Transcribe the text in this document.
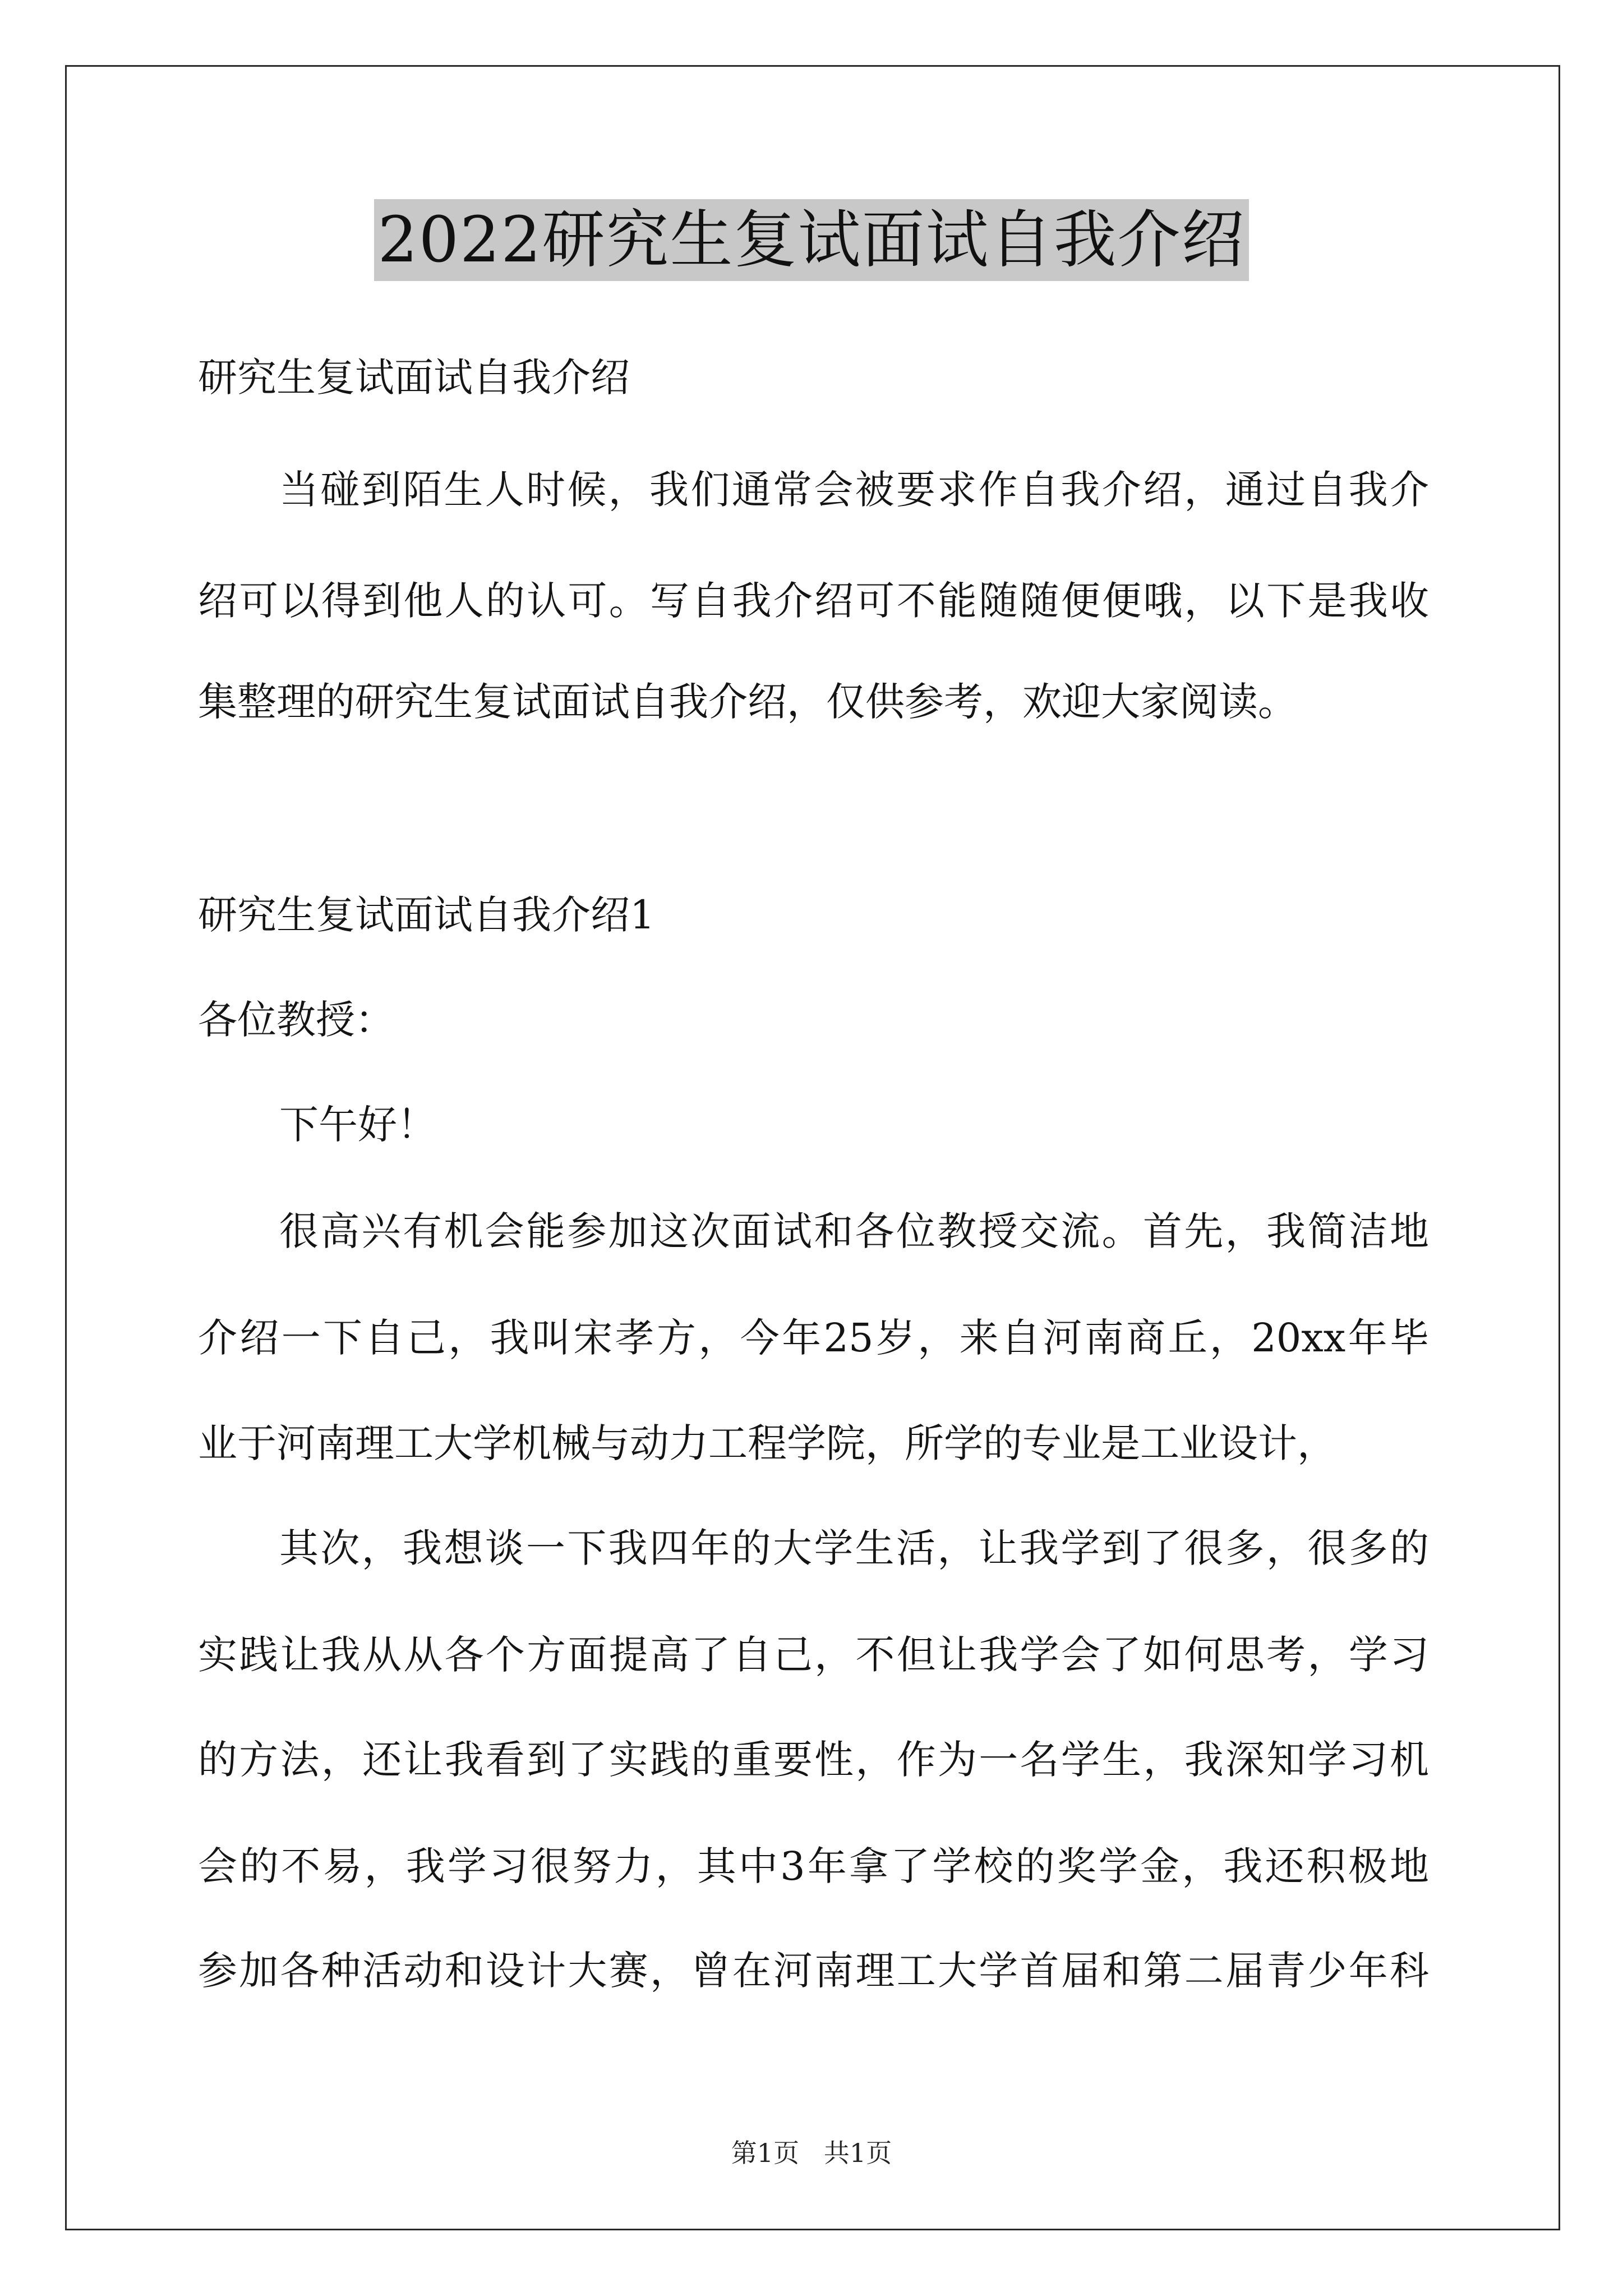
2022研究生复试面试自我介绍
研究生复试面试自我介绍
当碰到陌生人时候，我们通常会被要求作自我介绍，通过自我介
绍可以得到他人的认可。写自我介绍可不能随随便便哦，以下是我收
集整理的研究生复试面试自我介绍，仅供参考，欢迎大家阅读。
研究生复试面试自我介绍1
各位教授：
下午好！
很高兴有机会能参加这次面试和各位教授交流。首先，我简洁地
介绍一下自己，我叫宋孝方，今年25岁，来自河南商丘，20xx年毕
业于河南理工大学机械与动力工程学院，所学的专业是工业设计，
其次，我想谈一下我四年的大学生活，让我学到了很多，很多的
实践让我从从各个方面提高了自己，不但让我学会了如何思考，学习
的方法，还让我看到了实践的重要性，作为一名学生，我深知学习机
会的不易，我学习很努力，其中3年拿了学校的奖学金，我还积极地
参加各种活动和设计大赛，曾在河南理工大学首届和第二届青少年科
第1页   共1页
